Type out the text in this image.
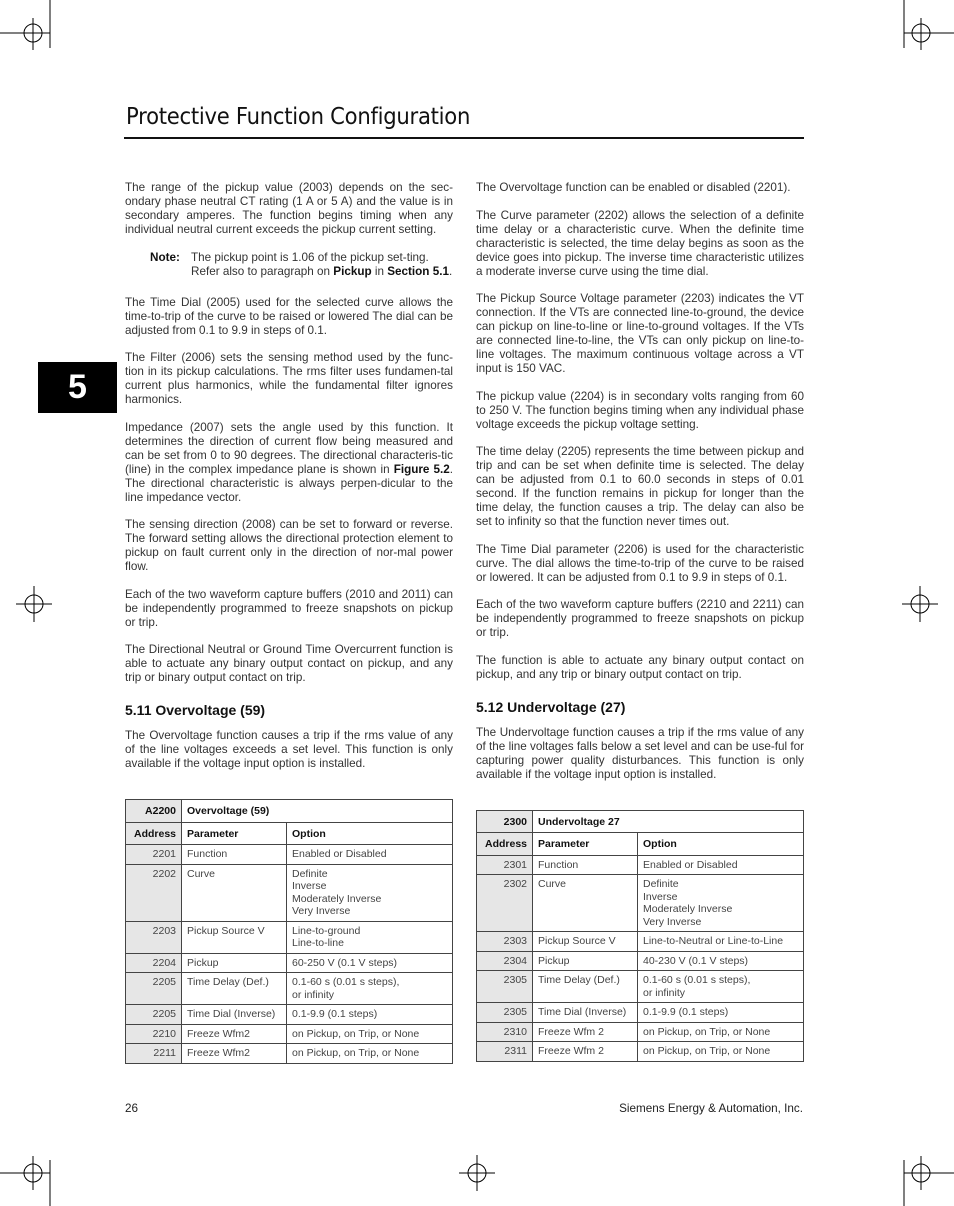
Protective Function Configuration
5

The range of the pickup value (2003) depends on the sec-ondary phase neutral CT rating (1 A or 5 A) and the value is in secondary amperes. The function begins timing when any individual neutral current exceeds the pickup current setting.

Note: The pickup point is 1.06 of the pickup set-ting. Refer also to paragraph on Pickup in Section 5.1.

The Time Dial (2005) used for the selected curve allows the time-to-trip of the curve to be raised or lowered The dial can be adjusted from 0.1 to 9.9 in steps of 0.1.

The Filter (2006) sets the sensing method used by the func-tion in its pickup calculations. The rms filter uses fundamen-tal current plus harmonics, while the fundamental filter ignores harmonics.

Impedance (2007) sets the angle used by this function. It determines the direction of current flow being measured and can be set from 0 to 90 degrees. The directional characteris-tic (line) in the complex impedance plane is shown in Figure 5.2. The directional characteristic is always perpen-dicular to the line impedance vector.

The sensing direction (2008) can be set to forward or reverse. The forward setting allows the directional protection element to pickup on fault current only in the direction of nor-mal power flow.

Each of the two waveform capture buffers (2010 and 2011) can be independently programmed to freeze snapshots on pickup or trip.

The Directional Neutral or Ground Time Overcurrent function is able to actuate any binary output contact on pickup, and any trip or binary output contact on trip.

5.11 Overvoltage (59)

The Overvoltage function causes a trip if the rms value of any of the line voltages exceeds a set level. This function is only available if the voltage input option is installed.

A2200	Overvoltage (59)	
Address	Parameter	Option
2201	Function	Enabled or Disabled

2202	Curve	Definite
Inverse
Moderately Inverse
Very Inverse

2203	Pickup Source V	Line-to-ground
Line-to-line

2204	Pickup	60-250 V (0.1 V steps)

2205	Time Delay (Def.)	0.1-60 s (0.01 s steps),
or infinity

2205	Time Dial (Inverse)	0.1-9.9 (0.1 steps)

2210	Freeze Wfm2	on Pickup, on Trip, or None

2211	Freeze Wfm2	on Pickup, on Trip, or None

The Overvoltage function can be enabled or disabled (2201).

The Curve parameter (2202) allows the selection of a definite time delay or a characteristic curve. When the definite time characteristic is selected, the time delay begins as soon as the device goes into pickup. The inverse time characteristic utilizes a moderate inverse curve using the time dial.

The Pickup Source Voltage parameter (2203) indicates the VT connection. If the VTs are connected line-to-ground, the device can pickup on line-to-line or line-to-ground voltages. If the VTs are connected line-to-line, the VTs can only pickup on line-to-line voltages. The maximum continuous voltage across a VT input is 150 VAC.

The pickup value (2204) is in secondary volts ranging from 60 to 250 V. The function begins timing when any individual phase voltage exceeds the pickup voltage setting.

The time delay (2205) represents the time between pickup and trip and can be set when definite time is selected. The delay can be adjusted from 0.1 to 60.0 seconds in steps of 0.01 second. If the function remains in pickup for longer than the time delay, the function causes a trip. The delay can also be set to infinity so that the function never times out.

The Time Dial parameter (2206) is used for the characteristic curve. The dial allows the time-to-trip of the curve to be raised or lowered. It can be adjusted from 0.1 to 9.9 in steps of 0.1.

Each of the two waveform capture buffers (2210 and 2211) can be independently programmed to freeze snapshots on pickup or trip.

The function is able to actuate any binary output contact on pickup, and any trip or binary output contact on trip.

5.12 Undervoltage (27)

The Undervoltage function causes a trip if the rms value of any of the line voltages falls below a set level and can be use-ful for capturing power quality disturbances. This function is only available if the voltage input option is installed.

2300	Undervoltage 27	
Address	Parameter	Option
2301	Function	Enabled or Disabled

2302	Curve	Definite
Inverse
Moderately Inverse
Very Inverse

2303	Pickup Source V	Line-to-Neutral or Line-to-Line

2304	Pickup	40-230 V (0.1 V steps)

2305	Time Delay (Def.)	0.1-60 s (0.01 s steps),
or infinity

2305	Time Dial (Inverse)	0.1-9.9 (0.1 steps)

2310	Freeze Wfm 2	on Pickup, on Trip, or None

2311	Freeze Wfm 2	on Pickup, on Trip, or None
26	Siemens Energy & Automation, Inc.
